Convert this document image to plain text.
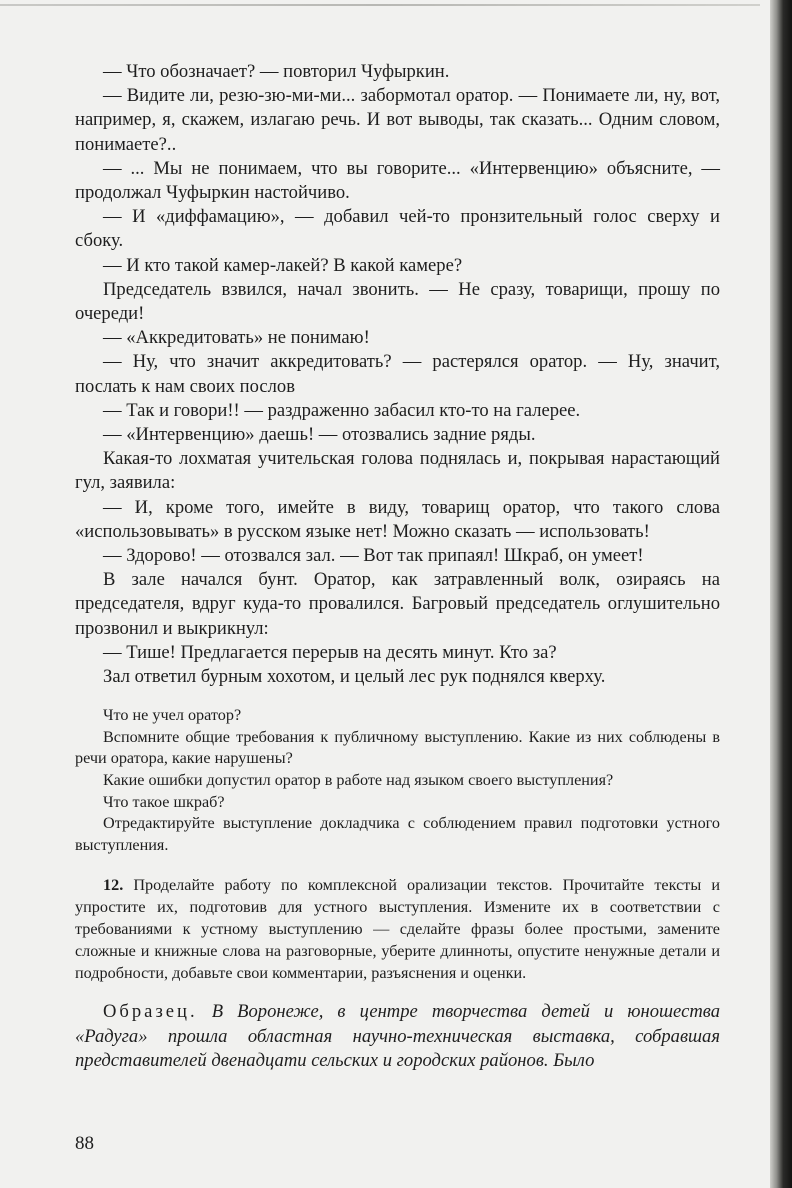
— Что обозначает? — повторил Чуфыркин.

— Видите ли, резю-зю-ми-ми... забормотал оратор. — Понимаете ли, ну, вот, например, я, скажем, излагаю речь. И вот выводы, так сказать... Одним словом, понимаете?..

— ... Мы не понимаем, что вы говорите... «Интервенцию» объясните, — продолжал Чуфыркин настойчиво.

— И «диффамацию», — добавил чей-то пронзительный голос сверху и сбоку.

— И кто такой камер-лакей? В какой камере?

Председатель взвился, начал звонить. — Не сразу, товарищи, прошу по очереди!

— «Аккредитовать» не понимаю!

— Ну, что значит аккредитовать? — растерялся оратор. — Ну, значит, послать к нам своих послов

— Так и говори!! — раздраженно забасил кто-то на галерее.

— «Интервенцию» даешь! — отозвались задние ряды.

Какая-то лохматая учительская голова поднялась и, покрывая нарастающий гул, заявила:

— И, кроме того, имейте в виду, товарищ оратор, что такого слова «использовывать» в русском языке нет! Можно сказать — использовать!

— Здорово! — отозвался зал. — Вот так припаял! Шкраб, он умеет!

В зале начался бунт. Оратор, как затравленный волк, озираясь на председателя, вдруг куда-то провалился. Багровый председатель оглушительно прозвонил и выкрикнул:

— Тише! Предлагается перерыв на десять минут. Кто за?

Зал ответил бурным хохотом, и целый лес рук поднялся кверху.

Что не учел оратор?

Вспомните общие требования к публичному выступлению. Какие из них соблюдены в речи оратора, какие нарушены?

Какие ошибки допустил оратор в работе над языком своего выступления?

Что такое шкраб?

Отредактируйте выступление докладчика с соблюдением правил подготовки устного выступления.

12. Проделайте работу по комплексной орализации текстов. Прочитайте тексты и упростите их, подготовив для устного выступления. Измените их в соответствии с требованиями к устному выступлению — сделайте фразы более простыми, замените сложные и книжные слова на разговорные, уберите длинноты, опустите ненужные детали и подробности, добавьте свои комментарии, разъяснения и оценки.

Образец. В Воронеже, в центре творчества детей и юношества «Радуга» прошла областная научно-техническая выставка, собравшая представителей двенадцати сельских и городских районов. Было

88
